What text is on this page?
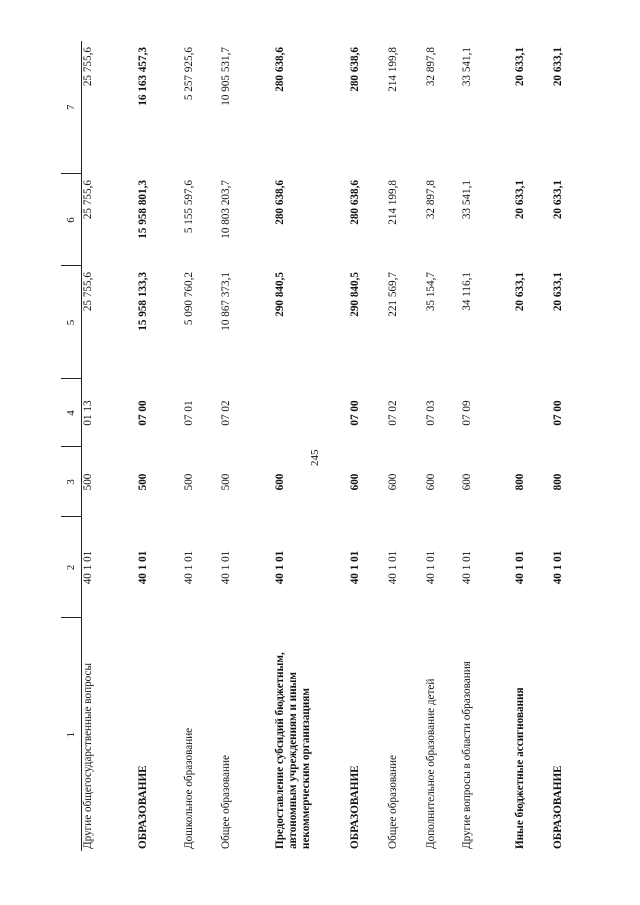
245
1	2	3	4	5	6	7
Другие общегосударственные вопросы	40 1 01	500	01 13	25 755,6	25 755,6	25 755,6
ОБРАЗОВАНИЕ	40 1 01	500	07 00	15 958 133,3	15 958 801,3	16 163 457,3
Дошкольное образование	40 1 01	500	07 01	5 090 760,2	5 155 597,6	5 257 925,6
Общее образование	40 1 01	500	07 02	10 867 373,1	10 803 203,7	10 905 531,7
Предоставление субсидий бюджетным, автономным учреждениям и иным некоммерческим организациям	40 1 01	600		290 840,5	280 638,6	280 638,6
ОБРАЗОВАНИЕ	40 1 01	600	07 00	290 840,5	280 638,6	280 638,6
Общее образование	40 1 01	600	07 02	221 569,7	214 199,8	214 199,8
Дополнительное образование детей	40 1 01	600	07 03	35 154,7	32 897,8	32 897,8
Другие вопросы в области образования	40 1 01	600	07 09	34 116,1	33 541,1	33 541,1
Иные бюджетные ассигнования	40 1 01	800		20 633,1	20 633,1	20 633,1
ОБРАЗОВАНИЕ	40 1 01	800	07 00	20 633,1	20 633,1	20 633,1
